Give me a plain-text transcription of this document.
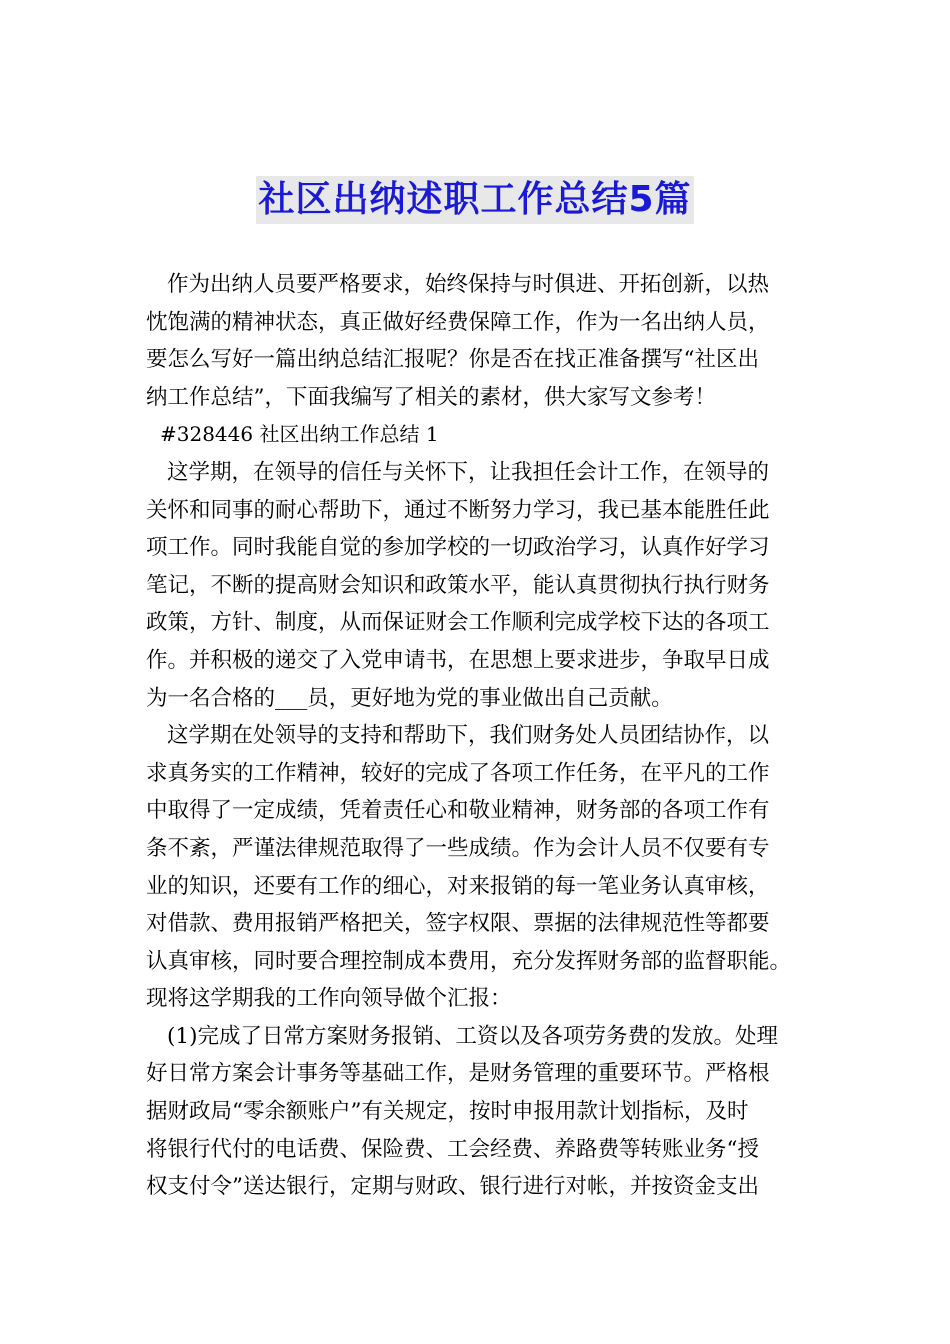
社区出纳述职工作总结5篇

作为出纳人员要严格要求，始终保持与时俱进、开拓创新，以热
忱饱满的精神状态，真正做好经费保障工作，作为一名出纳人员，
要怎么写好一篇出纳总结汇报呢？你是否在找正准备撰写“社区出
纳工作总结”，下面我编写了相关的素材，供大家写文参考！

#328446 社区出纳工作总结 1

这学期，在领导的信任与关怀下，让我担任会计工作，在领导的
关怀和同事的耐心帮助下，通过不断努力学习，我已基本能胜任此
项工作。同时我能自觉的参加学校的一切政治学习，认真作好学习
笔记，不断的提高财会知识和政策水平，能认真贯彻执行执行财务
政策，方针、制度，从而保证财会工作顺利完成学校下达的各项工
作。并积极的递交了入党申请书，在思想上要求进步，争取早日成
为一名合格的___员，更好地为党的事业做出自己贡献。

这学期在处领导的支持和帮助下，我们财务处人员团结协作，以
求真务实的工作精神，较好的完成了各项工作任务，在平凡的工作
中取得了一定成绩，凭着责任心和敬业精神，财务部的各项工作有
条不紊，严谨法律规范取得了一些成绩。作为会计人员不仅要有专
业的知识，还要有工作的细心，对来报销的每一笔业务认真审核，
对借款、费用报销严格把关，签字权限、票据的法律规范性等都要
认真审核，同时要合理控制成本费用，充分发挥财务部的监督职能。
现将这学期我的工作向领导做个汇报：

(1)完成了日常方案财务报销、工资以及各项劳务费的发放。处理
好日常方案会计事务等基础工作，是财务管理的重要环节。严格根
据财政局“零余额账户”有关规定，按时申报用款计划指标，及时
将银行代付的电话费、保险费、工会经费、养路费等转账业务“授
权支付令”送达银行，定期与财政、银行进行对帐，并按资金支出
